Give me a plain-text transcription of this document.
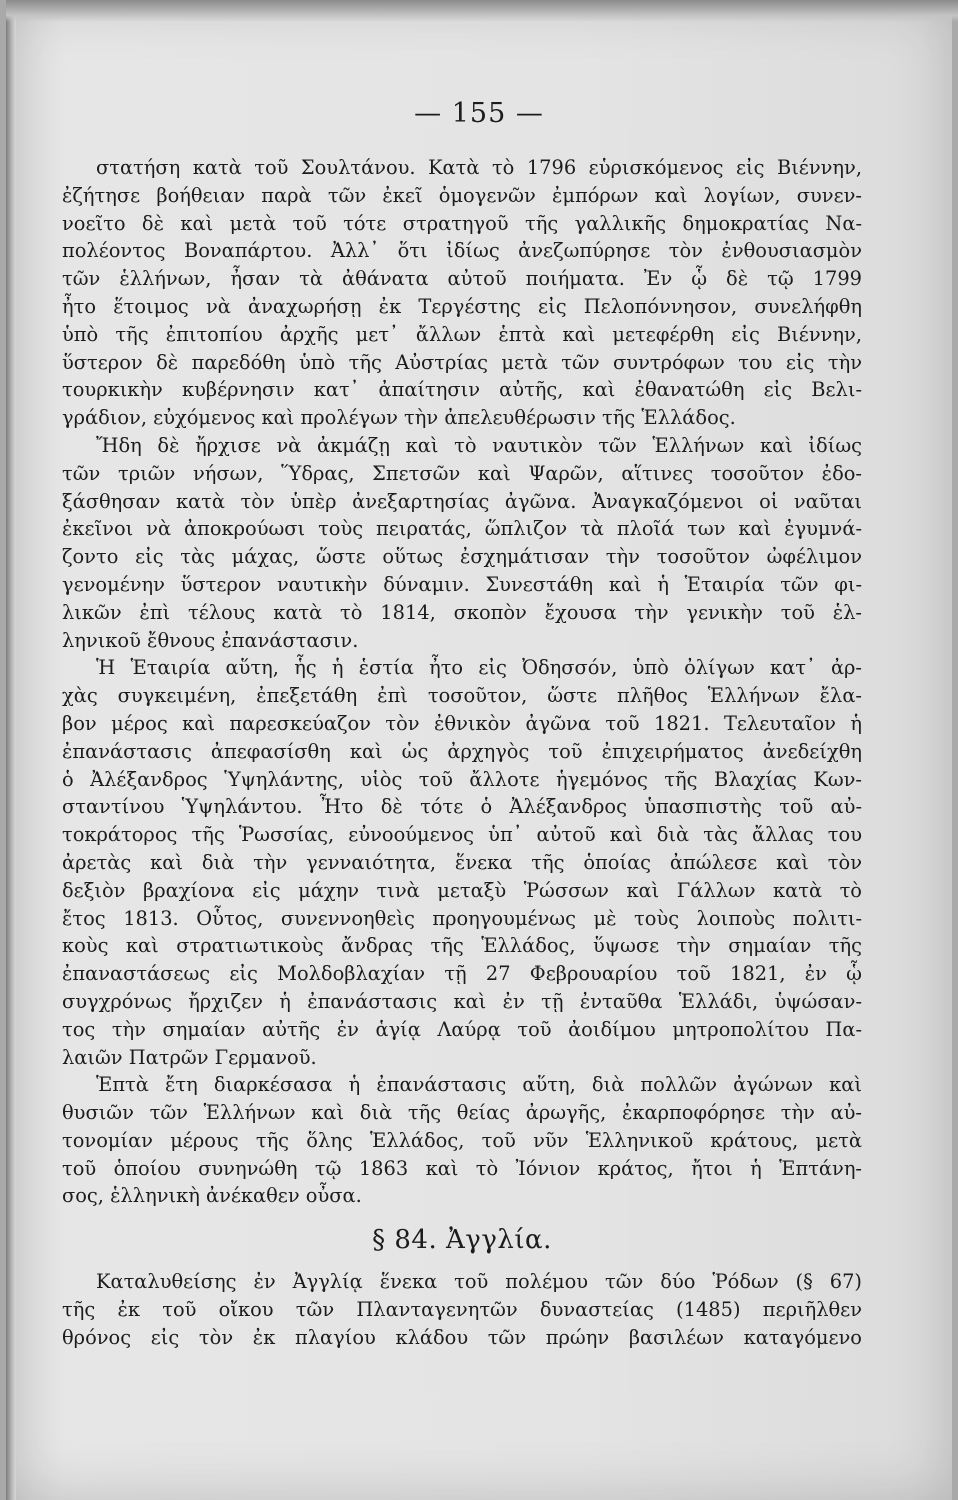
— 155 —
στατήση κατὰ τοῦ Σουλτάνου. Κατὰ τὸ 1796 εὑρισκόμενος εἰς Βιέννην,
ἐζήτησε βοήθειαν παρὰ τῶν ἐκεῖ ὁμογενῶν ἐμπόρων καὶ λογίων, συνεν-
νοεῖτο δὲ καὶ μετὰ τοῦ τότε στρατηγοῦ τῆς γαλλικῆς δημοκρατίας Να-
πολέοντος Βοναπάρτου. Ἀλλ᾽ ὅτι ἰδίως ἀνεζωπύρησε τὸν ἐνθουσιασμὸν
τῶν ἑλλήνων, ἦσαν τὰ ἀθάνατα αὐτοῦ ποιήματα. Ἐν ᾧ δὲ τῷ 1799
ἦτο ἕτοιμος νὰ ἀναχωρήσῃ ἐκ Τεργέστης εἰς Πελοπόννησον, συνελήφθη
ὑπὸ τῆς ἐπιτοπίου ἀρχῆς μετ᾽ ἄλλων ἑπτὰ καὶ μετεφέρθη εἰς Βιέννην,
ὕστερον δὲ παρεδόθη ὑπὸ τῆς Αὐστρίας μετὰ τῶν συντρόφων του εἰς τὴν
τουρκικὴν κυβέρνησιν κατ᾽ ἀπαίτησιν αὐτῆς, καὶ ἐθανατώθη εἰς Βελι-
γράδιον, εὐχόμενος καὶ προλέγων τὴν ἀπελευθέρωσιν τῆς Ἑλλάδος.
Ἤδη δὲ ἤρχισε νὰ ἀκμάζῃ καὶ τὸ ναυτικὸν τῶν Ἑλλήνων καὶ ἰδίως
τῶν τριῶν νήσων, Ὕδρας, Σπετσῶν καὶ Ψαρῶν, αἵτινες τοσοῦτον ἐδο-
ξάσθησαν κατὰ τὸν ὑπὲρ ἀνεξαρτησίας ἀγῶνα. Ἀναγκαζόμενοι οἱ ναῦται
ἐκεῖνοι νὰ ἀποκρούωσι τοὺς πειρατάς, ὥπλιζον τὰ πλοῖά των καὶ ἐγυμνά-
ζοντο εἰς τὰς μάχας, ὥστε οὕτως ἐσχημάτισαν τὴν τοσοῦτον ὠφέλιμον
γενομένην ὕστερον ναυτικὴν δύναμιν. Συνεστάθη καὶ ἡ Ἑταιρία τῶν φι-
λικῶν ἐπὶ τέλους κατὰ τὸ 1814, σκοπὸν ἔχουσα τὴν γενικὴν τοῦ ἑλ-
ληνικοῦ ἔθνους ἐπανάστασιν.
Ἡ Ἑταιρία αὕτη, ἧς ἡ ἑστία ἦτο εἰς Ὀδησσόν, ὑπὸ ὀλίγων κατ᾽ ἀρ-
χὰς συγκειμένη, ἐπεξετάθη ἐπὶ τοσοῦτον, ὥστε πλῆθος Ἑλλήνων ἔλα-
βον μέρος καὶ παρεσκεύαζον τὸν ἐθνικὸν ἀγῶνα τοῦ 1821. Τελευταῖον ἡ
ἐπανάστασις ἀπεφασίσθη καὶ ὡς ἀρχηγὸς τοῦ ἐπιχειρήματος ἀνεδείχθη
ὁ Ἀλέξανδρος Ὑψηλάντης, υἱὸς τοῦ ἄλλοτε ἡγεμόνος τῆς Βλαχίας Κων-
σταντίνου Ὑψηλάντου. Ἦτο δὲ τότε ὁ Ἀλέξανδρος ὑπασπιστὴς τοῦ αὐ-
τοκράτορος τῆς Ῥωσσίας, εὐνοούμενος ὑπ᾽ αὐτοῦ καὶ διὰ τὰς ἄλλας του
ἀρετὰς καὶ διὰ τὴν γενναιότητα, ἕνεκα τῆς ὁποίας ἀπώλεσε καὶ τὸν
δεξιὸν βραχίονα εἰς μάχην τινὰ μεταξὺ Ῥώσσων καὶ Γάλλων κατὰ τὸ
ἔτος 1813. Οὗτος, συνεννοηθεὶς προηγουμένως μὲ τοὺς λοιποὺς πολιτι-
κοὺς καὶ στρατιωτικοὺς ἄνδρας τῆς Ἑλλάδος, ὕψωσε τὴν σημαίαν τῆς
ἐπαναστάσεως εἰς Μολδοβλαχίαν τῇ 27 Φεβρουαρίου τοῦ 1821, ἐν ᾧ
συγχρόνως ἤρχιζεν ἡ ἐπανάστασις καὶ ἐν τῇ ἐνταῦθα Ἑλλάδι, ὑψώσαν-
τος τὴν σημαίαν αὐτῆς ἐν ἁγίᾳ Λαύρᾳ τοῦ ἀοιδίμου μητροπολίτου Πα-
λαιῶν Πατρῶν Γερμανοῦ.
Ἑπτὰ ἔτη διαρκέσασα ἡ ἐπανάστασις αὕτη, διὰ πολλῶν ἀγώνων καὶ
θυσιῶν τῶν Ἑλλήνων καὶ διὰ τῆς θείας ἀρωγῆς, ἐκαρποφόρησε τὴν αὐ-
τονομίαν μέρους τῆς ὅλης Ἑλλάδος, τοῦ νῦν Ἑλληνικοῦ κράτους, μετὰ
τοῦ ὁποίου συνηνώθη τῷ 1863 καὶ τὸ Ἰόνιον κράτος, ἤτοι ἡ Ἑπτάνη-
σος, ἑλληνικὴ ἀνέκαθεν οὖσα.
§ 84. Ἀγγλία.
Καταλυθείσης ἐν Ἀγγλίᾳ ἕνεκα τοῦ πολέμου τῶν δύο Ῥόδων (§ 67)
τῆς ἐκ τοῦ οἴκου τῶν Πλανταγενητῶν δυναστείας (1485) περιῆλθεν
θρόνος εἰς τὸν ἐκ πλαγίου κλάδου τῶν πρώην βασιλέων καταγόμενο
